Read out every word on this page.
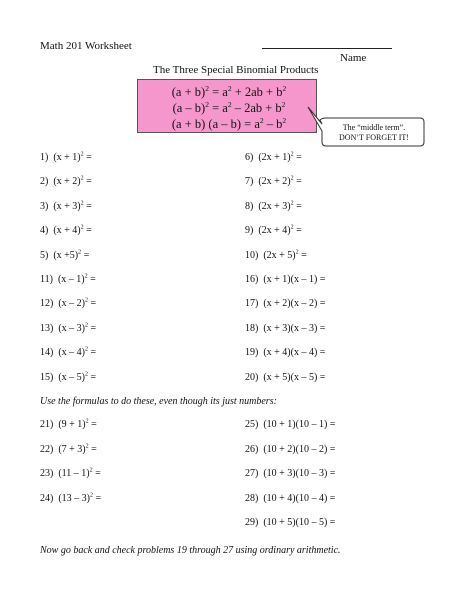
Math 201 Worksheet
Name
The Three Special Binomial Products
$(a + b)^2 = a^2 + 2ab + b^2$
$(a - b)^2 = a^2 - 2ab + b^2$
(a + b) $(a - b) = a^2 - b^2$
The “middle term”.
DON’T FORGET IT!
1)  $(x + 1)^2$ =
2)  $(x + 2)^2$ =
3)  $(x + 3)^2$ =
4)  $(x + 4)^2$ =
5)  $(x +5)^2$ =
11)  (x – 1)$^2$ =
12)  (x – 2)$^2$ =
13)  (x – 3)$^2$ =
14)  (x – 4)$^2$ =
15)  (x – 5)$^2$ =
6)  $(2x + 1)^2$ =
7)  $(2x + 2)^2$ =
8)  $(2x + 3)^2$ =
9)  $(2x + 4)^2$ =
10)  $(2x + 5)^2$ =
16)  (x + 1)(x – 1) =
17)  (x + 2)(x – 2) =
18)  (x + 3)(x – 3) =
19)  (x + 4)(x – 4) =
20)  (x + 5)(x – 5) =
Use the formulas to do these, even though its just numbers:
21)  $(9 + 1)^2$ =
22)  $(7 + 3)^2$ =
23)  (11 – 1)$^2$ =
24)  (13 – 3)$^2$ =
25)  (10 + 1)(10 – 1) =
26)  (10 + 2)(10 – 2) =
27)  (10 + 3)(10 – 3) =
28)  (10 + 4)(10 – 4) =
29)  (10 + 5)(10 – 5) =
Now go back and check problems 19 through 27 using ordinary arithmetic.
